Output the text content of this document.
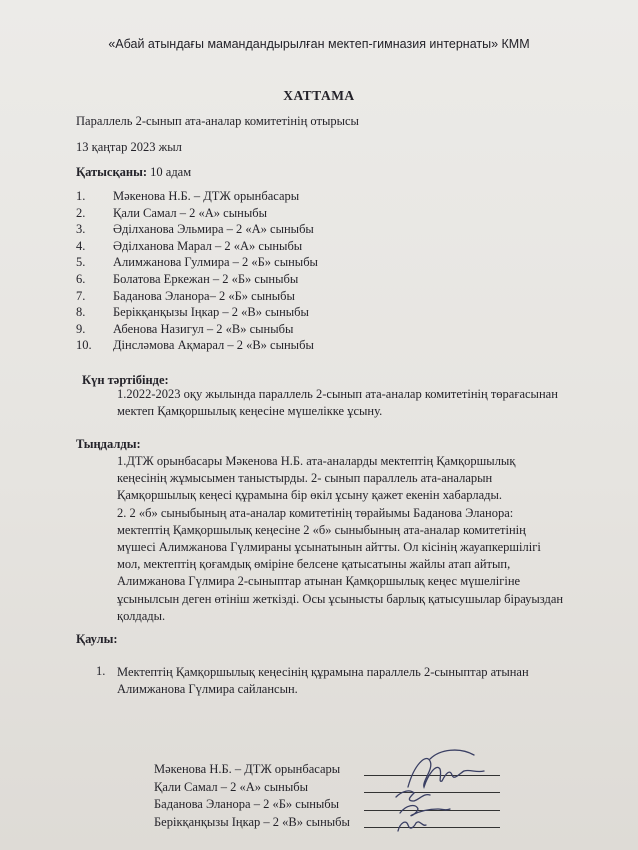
«Абай атындағы мамандандырылған мектеп-гимназия интернаты» КММ
ХАТТАМА
Параллель 2-сынып ата-аналар комитетінің отырысы
13 қаңтар 2023 жыл
Қатысқаны: 10 адам
1. Мәкенова Н.Б. – ДТЖ орынбасары
2. Қали Самал – 2 «А» сыныбы
3. Әділханова Эльмира – 2 «А» сыныбы
4. Әділханова Марал – 2 «А» сыныбы
5. Алимжанова Гулмира – 2 «Б» сыныбы
6. Болатова Еркежан – 2 «Б» сыныбы
7. Баданова Эланора– 2 «Б» сыныбы
8. Берікқанқызы Іңкар – 2 «В» сыныбы
9. Абенова Назигул – 2 «В» сыныбы
10. Дінсләмова Ақмарал – 2 «В» сыныбы
Күн тәртібінде:
1.2022-2023 оқу жылында параллель 2-сынып ата-аналар комитетінің төрағасынан
мектеп Қамқоршылық кеңесіне мүшелікке ұсыну.
Тыңдалды:
1.ДТЖ орынбасары Мәкенова Н.Б. ата-аналарды мектептің Қамқоршылық
кеңесінің жұмысымен таныстырды. 2- сынып параллель ата-аналарын
Қамқоршылық кеңесі құрамына бір өкіл ұсыну қажет екенін хабарлады.
2. 2 «б» сыныбының ата-аналар комитетінің төрайымы Баданова Эланора:
мектептің Қамқоршылық кеңесіне 2 «б» сыныбының ата-аналар комитетінің
мүшесі Алимжанова Гүлмираны ұсынатынын айтты. Ол кісінің жауапкершілігі
мол, мектептің қоғамдық өміріне белсене қатысатыны жайлы атап айтып,
Алимжанова Гүлмира 2-сыныптар атынан Қамқоршылық кеңес мүшелігіне
ұсынылсын деген өтініш жеткізді. Осы ұсынысты барлық қатысушылар бірауыздан
қолдады.
Қаулы:
1. Мектептің Қамқоршылық кеңесінің құрамына параллель 2-сыныптар атынан
Алимжанова Гүлмира сайлансын.
Мәкенова Н.Б. – ДТЖ орынбасары
Қали Самал – 2 «А» сыныбы
Баданова Эланора – 2 «Б» сыныбы
Берікқанқызы Іңкар – 2 «В» сыныбы
